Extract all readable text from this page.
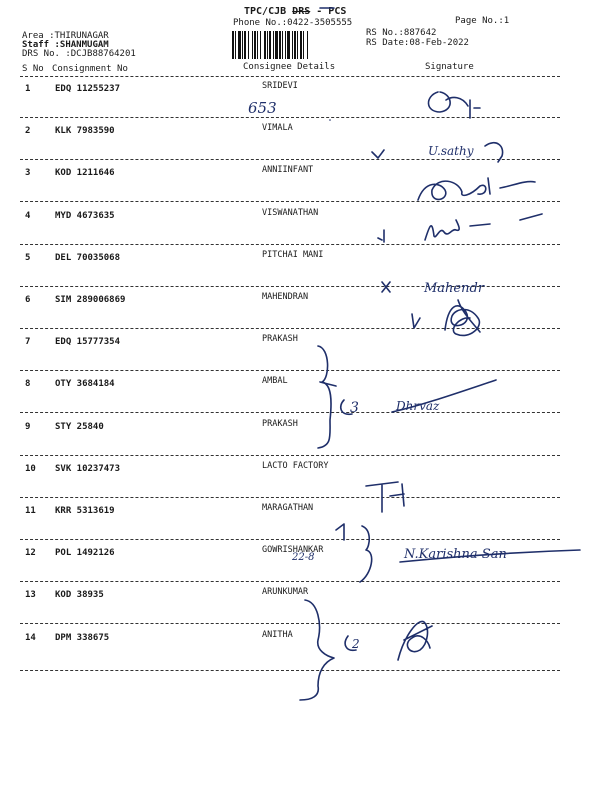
TPC/CJB DRS - PCS
Phone No.:0422-3505555	Page No.:1
RS No.:887642
RS Date:08-Feb-2022
Area :THIRUNAGAR
Staff :SHANMUGAM
DRS No. :DCJB88764201
S No Consignment No	Consignee Details	Signature
1	EDQ 11255237	SRIDEVI
2	KLK 7983590	VIMALA
3	KOD 1211646	ANNIINFANT
4	MYD 4673635	VISWANATHAN
5	DEL 70035068	PITCHAI MANI
6	SIM 289006869	MAHENDRAN
7	EDQ 15777354	PRAKASH
8	OTY 3684184	AMBAL
9	STY 25840	PRAKASH
10 SVK 10237473	LACTO FACTORY
11 KRR 5313619	MARAGATHAN
12 POL 1492126	GOWRISHANKAR
13 KOD 38935	ARUNKUMAR
14 DPM 338675	ANITHA
653
U.sathy
Mahendr
3	Dhrvaz
22-8	N.Karishna San
2
